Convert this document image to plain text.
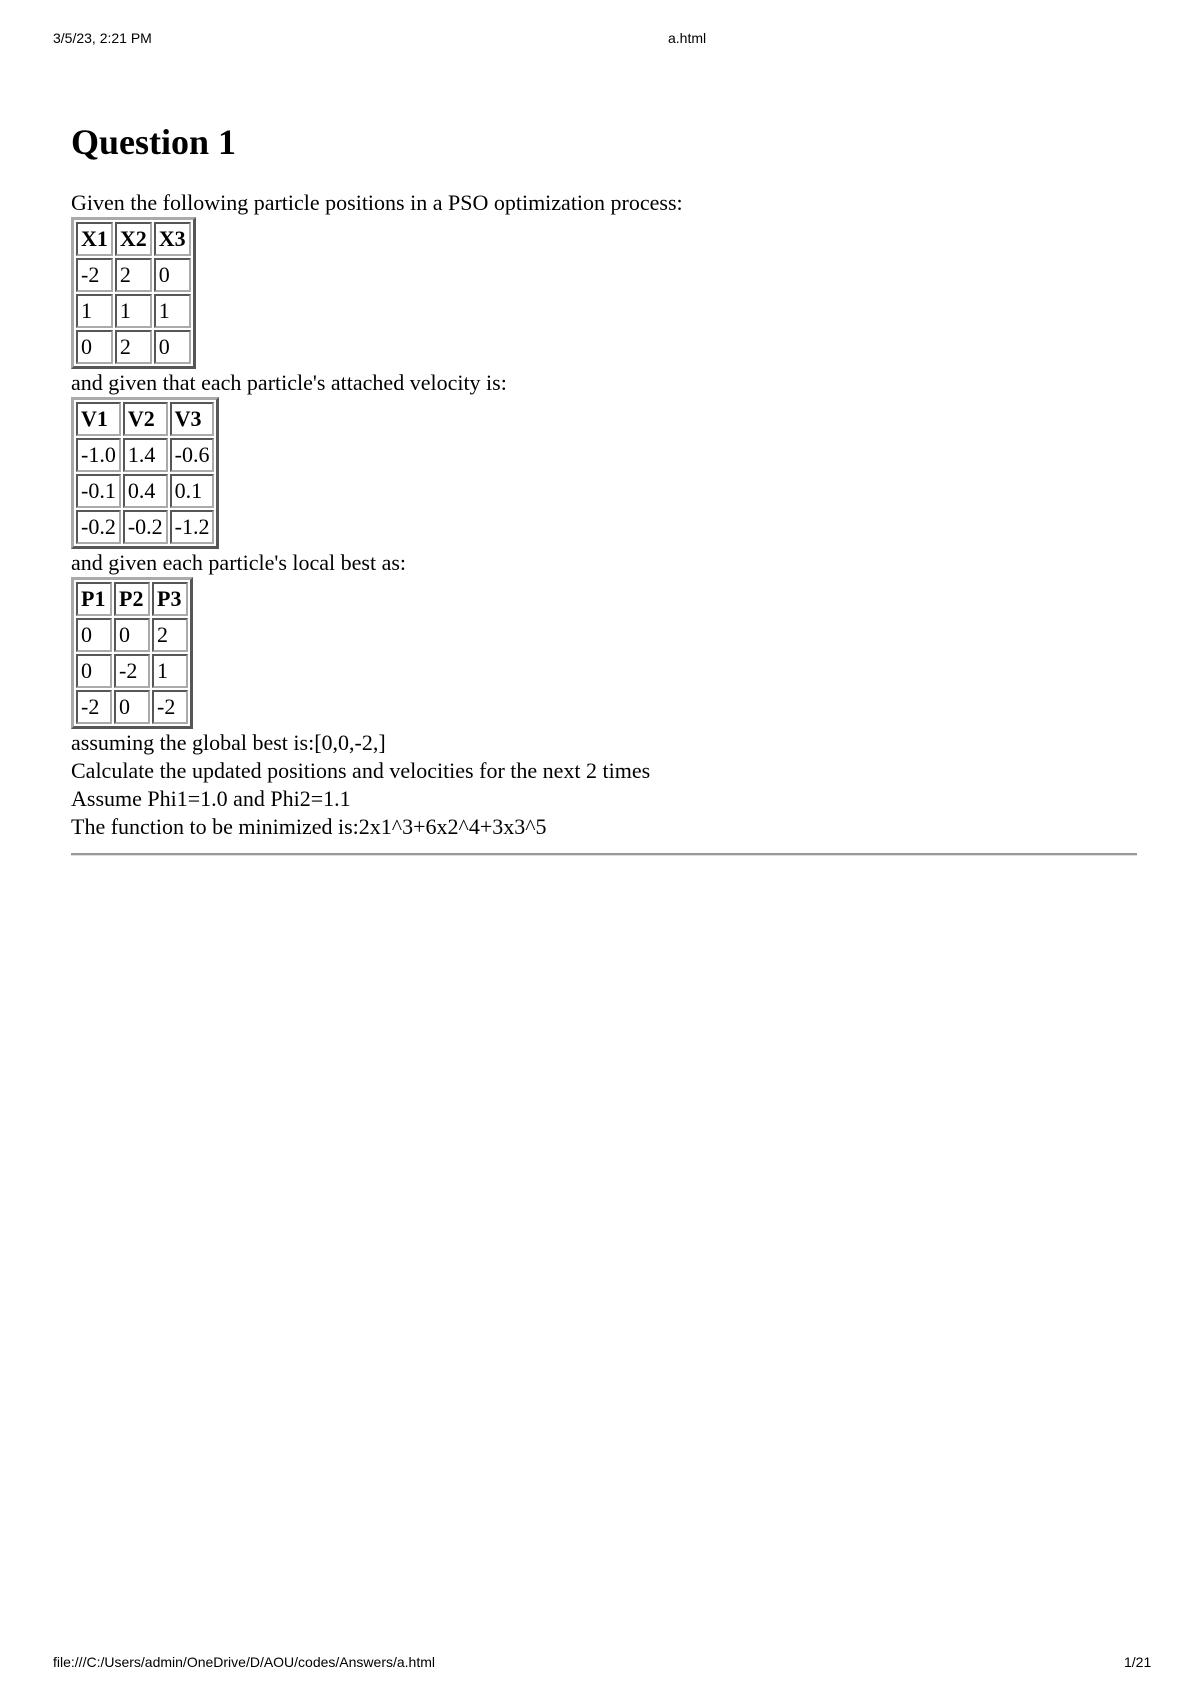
3/5/23, 2:21 PM	a.html
Question 1
Given the following particle positions in a PSO optimization process:
X1	X2	X3
-2	2	0
1	1	1
0	2	0
and given that each particle's attached velocity is:
V1	V2	V3
-1.0	1.4	-0.6
-0.1	0.4	0.1
-0.2	-0.2	-1.2
and given each particle's local best as:
P1	P2	P3
0	0	2
0	-2	1
-2	0	-2
assuming the global best is:[0,0,-2,]
Calculate the updated positions and velocities for the next 2 times
Assume Phi1=1.0 and Phi2=1.1
The function to be minimized is:2x1^3+6x2^4+3x3^5
file:///C:/Users/admin/OneDrive/D/AOU/codes/Answers/a.html	1/21
